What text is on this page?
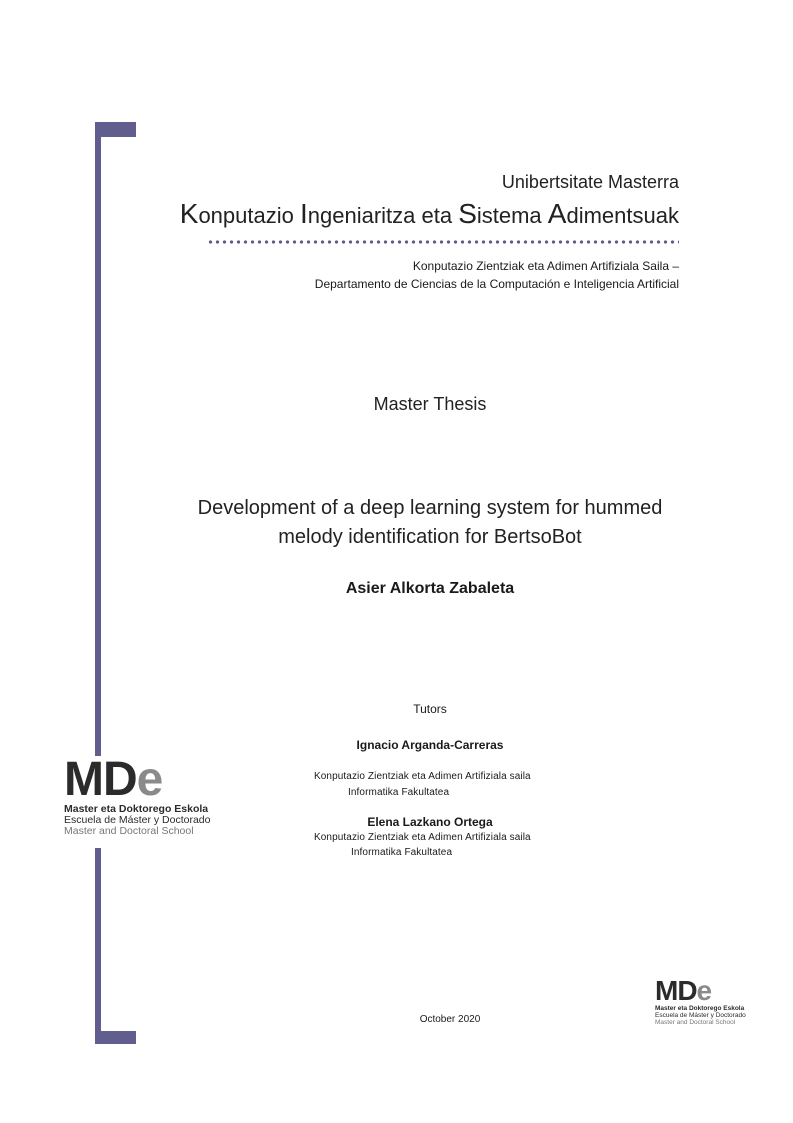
Unibertsitate Masterra
Konputazio Ingeniaritza eta Sistema Adimentsuak
Konputazio Zientziak eta Adimen Artifiziala Saila –
Departamento de Ciencias de la Computación e Inteligencia Artificial
Master Thesis
Development of a deep learning system for hummed
melody identification for BertsoBot
Asier Alkorta Zabaleta
Tutors
Ignacio Arganda-Carreras
Konputazio Zientziak eta Adimen Artifiziala saila
Informatika Fakultatea
Elena Lazkano Ortega
Konputazio Zientziak eta Adimen Artifiziala saila
Informatika Fakultatea
MDe
Master eta Doktorego Eskola
Escuela de Máster y Doctorado
Master and Doctoral School
MDe
Master eta Doktorego Eskola
Escuela de Máster y Doctorado
Master and Doctoral School
October 2020
